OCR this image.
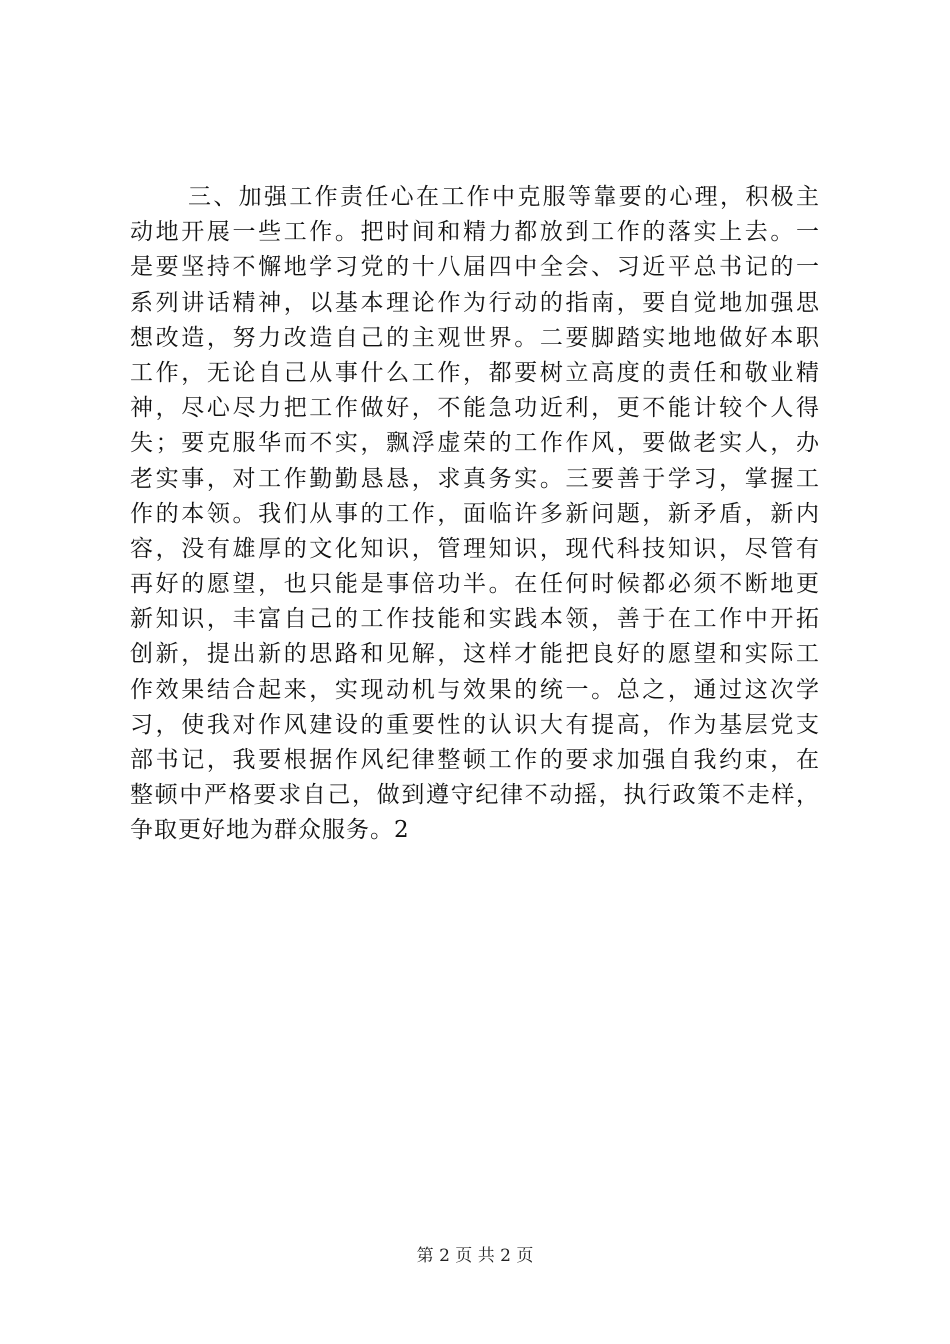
三、加强工作责任心在工作中克服等靠要的心理，积极主
动地开展一些工作。把时间和精力都放到工作的落实上去。一
是要坚持不懈地学习党的十八届四中全会、习近平总书记的一
系列讲话精神，以基本理论作为行动的指南，要自觉地加强思
想改造，努力改造自己的主观世界。二要脚踏实地地做好本职
工作，无论自己从事什么工作，都要树立高度的责任和敬业精
神，尽心尽力把工作做好，不能急功近利，更不能计较个人得
失；要克服华而不实，飘浮虚荣的工作作风，要做老实人，办
老实事，对工作勤勤恳恳，求真务实。三要善于学习，掌握工
作的本领。我们从事的工作，面临许多新问题，新矛盾，新内
容，没有雄厚的文化知识，管理知识，现代科技知识，尽管有
再好的愿望，也只能是事倍功半。在任何时候都必须不断地更
新知识，丰富自己的工作技能和实践本领，善于在工作中开拓
创新，提出新的思路和见解，这样才能把良好的愿望和实际工
作效果结合起来，实现动机与效果的统一。总之，通过这次学
习，使我对作风建设的重要性的认识大有提高，作为基层党支
部书记，我要根据作风纪律整顿工作的要求加强自我约束，在
整顿中严格要求自己，做到遵守纪律不动摇，执行政策不走样，
争取更好地为群众服务。2
第 2 页 共 2 页
